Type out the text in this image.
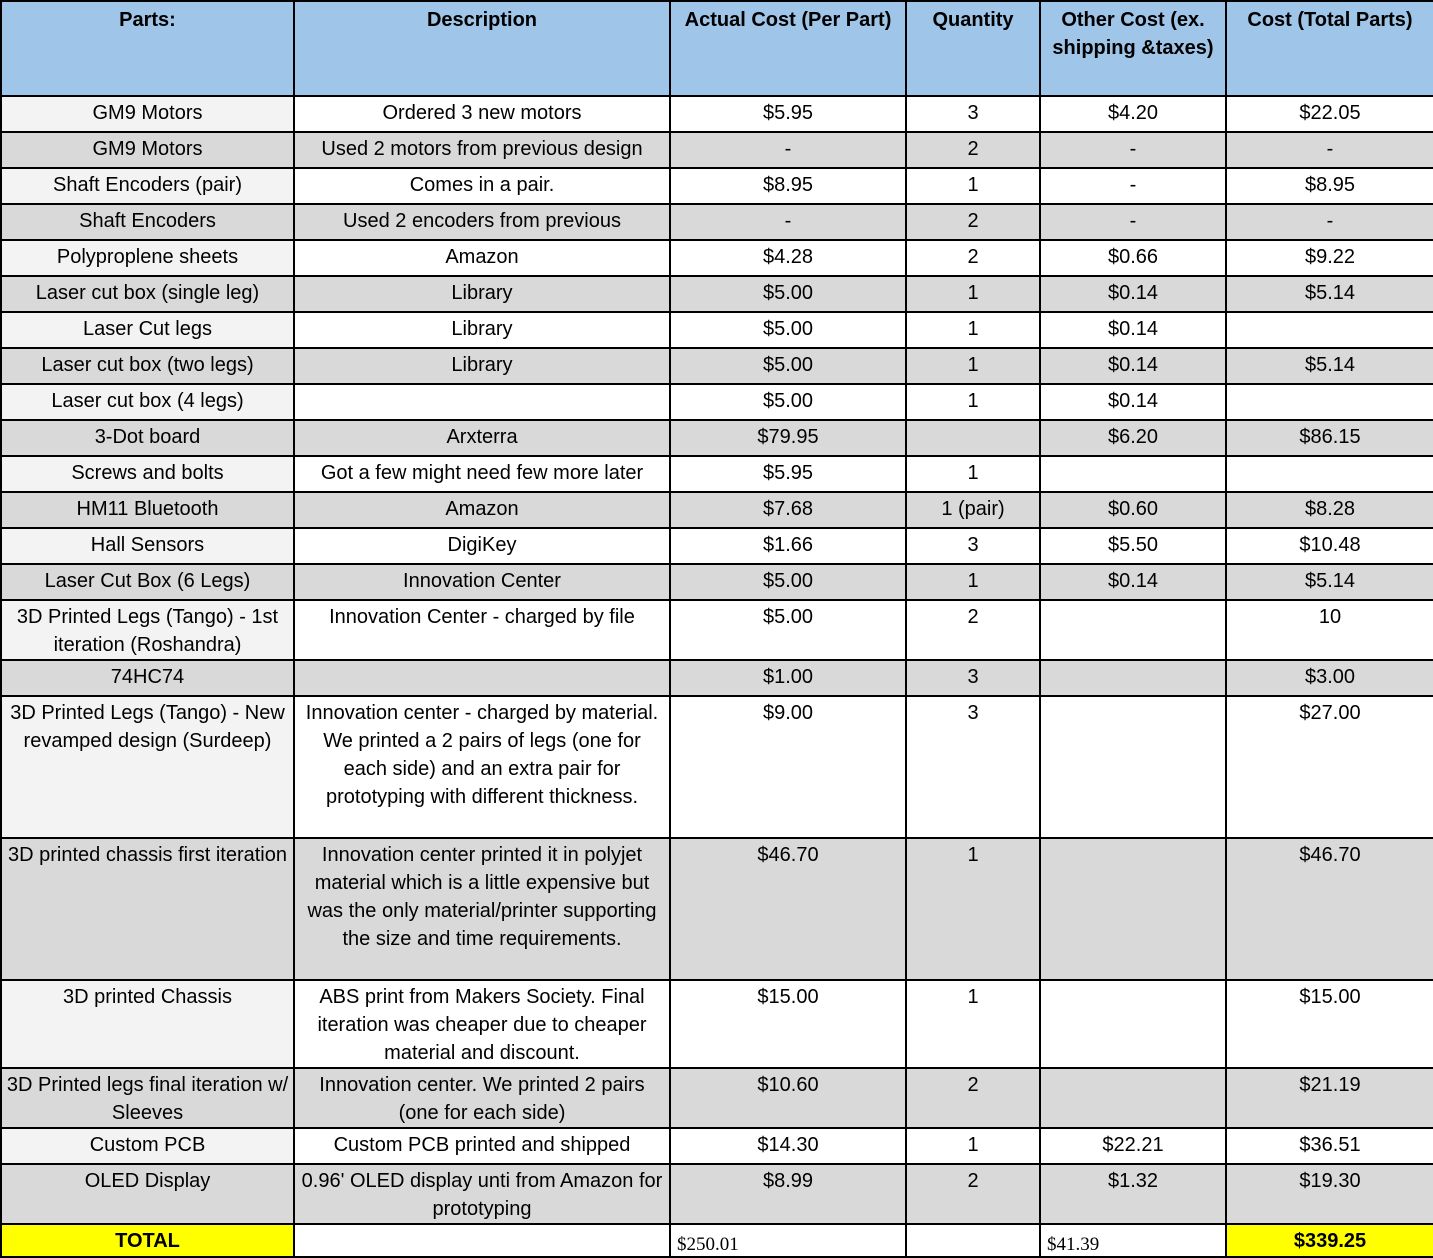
Parts:	Description	Actual Cost (Per Part)	Quantity	Other Cost (ex. shipping &taxes)	Cost (Total Parts)
GM9 Motors	Ordered 3 new motors	$5.95	3	$4.20	$22.05
GM9 Motors	Used 2 motors from previous design	-	2	-	-
Shaft Encoders (pair)	Comes in a pair.	$8.95	1	-	$8.95
Shaft Encoders	Used 2 encoders from previous	-	2	-	-
Polyproplene sheets	Amazon	$4.28	2	$0.66	$9.22
Laser cut box (single leg)	Library	$5.00	1	$0.14	$5.14
Laser Cut legs	Library	$5.00	1	$0.14	
Laser cut box (two legs)	Library	$5.00	1	$0.14	$5.14
Laser cut box (4 legs)		$5.00	1	$0.14	
3-Dot board	Arxterra	$79.95		$6.20	$86.15
Screws and bolts	Got a few might need few more later	$5.95	1		
HM11 Bluetooth	Amazon	$7.68	1 (pair)	$0.60	$8.28
Hall Sensors	DigiKey	$1.66	3	$5.50	$10.48
Laser Cut Box (6 Legs)	Innovation Center	$5.00	1	$0.14	$5.14
3D Printed Legs (Tango) - 1st iteration (Roshandra)	Innovation Center - charged by file	$5.00	2		10
74HC74		$1.00	3		$3.00
3D Printed Legs (Tango) - New revamped design (Surdeep)	Innovation center - charged by material. We printed a 2 pairs of legs (one for each side) and an extra pair for prototyping with different thickness.	$9.00	3		$27.00
3D printed chassis first iteration	Innovation center printed it in polyjet material which is a little expensive but was the only material/printer supporting the size and time requirements.	$46.70	1		$46.70
3D printed Chassis	ABS print from Makers Society. Final iteration was cheaper due to cheaper material and discount.	$15.00	1		$15.00
3D Printed legs final iteration w/ Sleeves	Innovation center. We printed 2 pairs (one for each side)	$10.60	2		$21.19
Custom PCB	Custom PCB printed and shipped	$14.30	1	$22.21	$36.51
OLED Display	0.96' OLED display unti from Amazon for prototyping	$8.99	2	$1.32	$19.30
TOTAL		$250.01		$41.39	$339.25
